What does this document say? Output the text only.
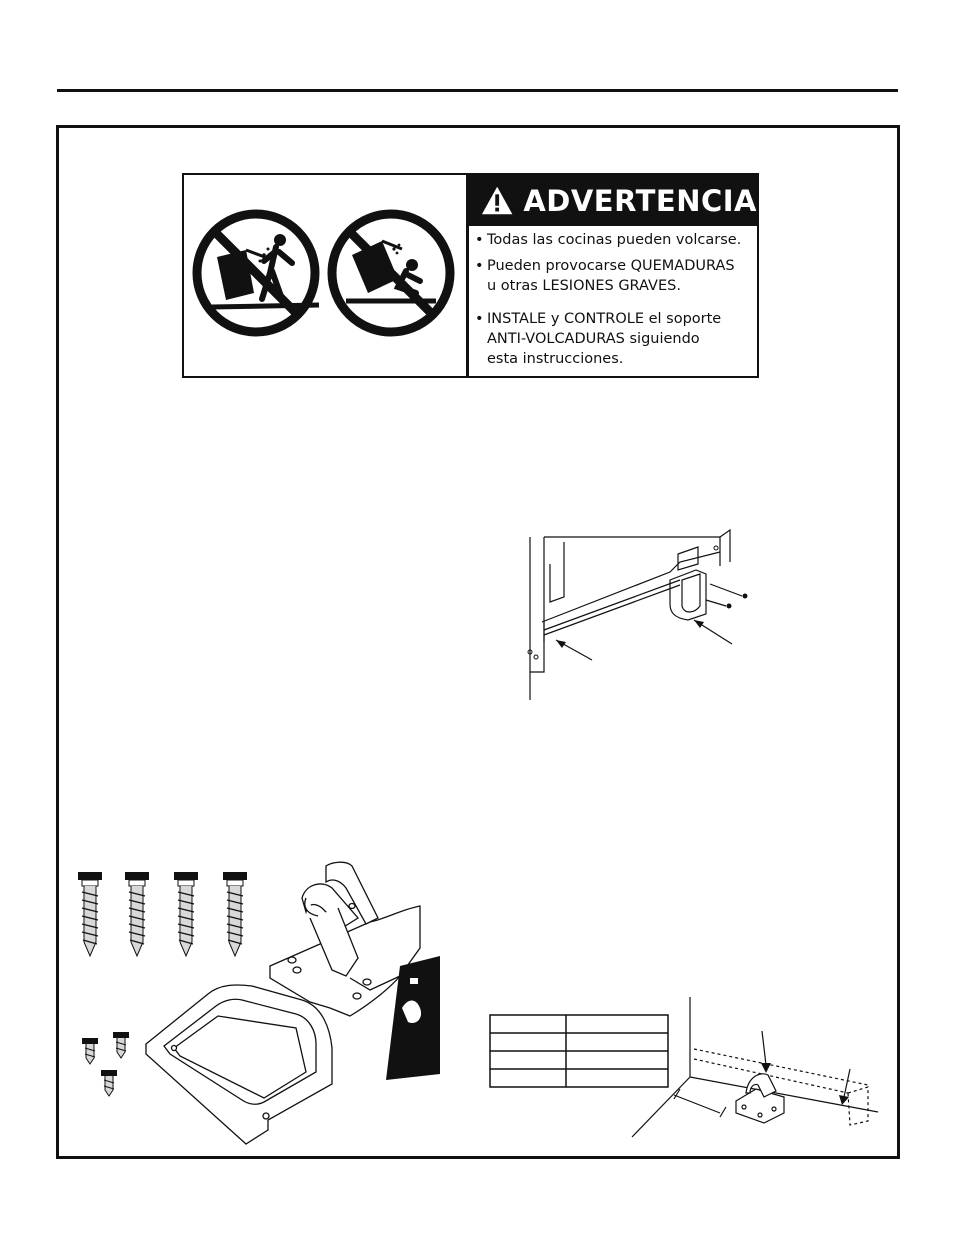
ADVERTENCIA
• Todas las cocinas pueden volcarse.
• Pueden provocarse QUEMADURAS
u otras LESIONES GRAVES.
• INSTALE y CONTROLE el soporte
ANTI-VOLCADURAS siguiendo
esta instrucciones.
